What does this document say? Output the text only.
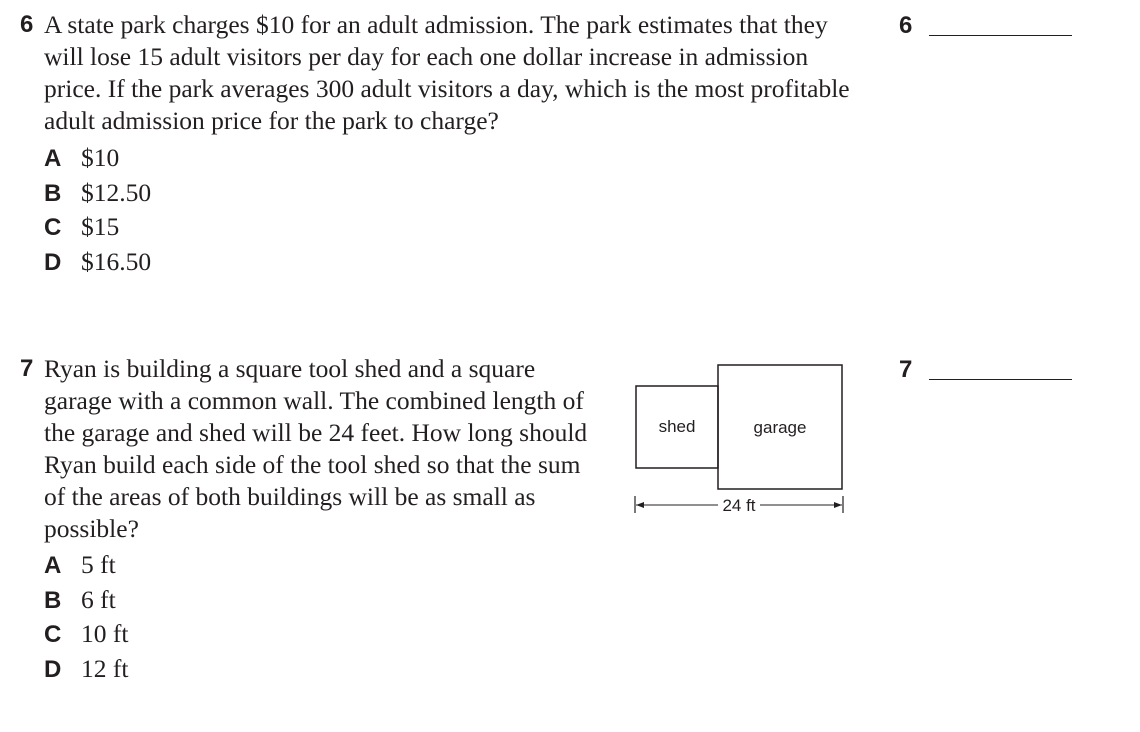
6 A state park charges $10 for an adult admission. The park estimates that they will lose 15 adult visitors per day for each one dollar increase in admission price. If the park averages 300 adult visitors a day, which is the most profitable adult admission price for the park to charge?

A $10
B $12.50
C $15
D $16.50
6
7 Ryan is building a square tool shed and a square garage with a common wall. The combined length of the garage and shed will be 24 feet. How long should Ryan build each side of the tool shed so that the sum of the areas of both buildings will be as small as possible?

A 5 ft
B 6 ft
C 10 ft
D 12 ft
shed	garage
24 ft
7
